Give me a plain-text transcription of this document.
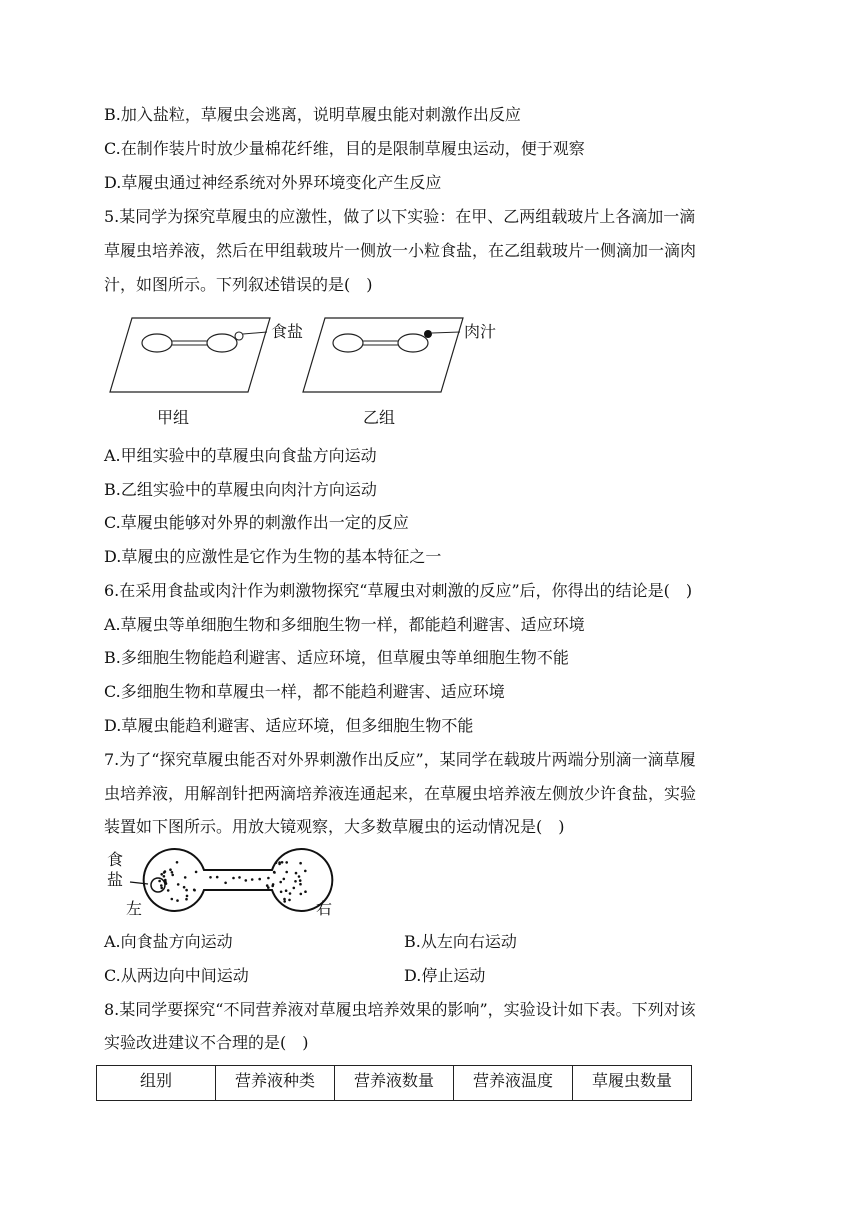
B.加入盐粒，草履虫会逃离，说明草履虫能对刺激作出反应
C.在制作装片时放少量棉花纤维，目的是限制草履虫运动，便于观察
D.草履虫通过神经系统对外界环境变化产生反应
5.某同学为探究草履虫的应激性，做了以下实验：在甲、乙两组载玻片上各滴加一滴
草履虫培养液，然后在甲组载玻片一侧放一小粒食盐，在乙组载玻片一侧滴加一滴肉
汁，如图所示。下列叙述错误的是(　)
食盐	肉汁
甲组	乙组
A.甲组实验中的草履虫向食盐方向运动
B.乙组实验中的草履虫向肉汁方向运动
C.草履虫能够对外界的刺激作出一定的反应
D.草履虫的应激性是它作为生物的基本特征之一
6.在采用食盐或肉汁作为刺激物探究“草履虫对刺激的反应”后，你得出的结论是(　)
A.草履虫等单细胞生物和多细胞生物一样，都能趋利避害、适应环境
B.多细胞生物能趋利避害、适应环境，但草履虫等单细胞生物不能
C.多细胞生物和草履虫一样，都不能趋利避害、适应环境
D.草履虫能趋利避害、适应环境，但多细胞生物不能
7.为了“探究草履虫能否对外界刺激作出反应”，某同学在载玻片两端分别滴一滴草履
虫培养液，用解剖针把两滴培养液连通起来，在草履虫培养液左侧放少许食盐，实验
装置如下图所示。用放大镜观察，大多数草履虫的运动情况是(　)
食
盐
左	右
A.向食盐方向运动	B.从左向右运动
C.从两边向中间运动	D.停止运动
8.某同学要探究“不同营养液对草履虫培养效果的影响”，实验设计如下表。下列对该
实验改进建议不合理的是(　)
组别	营养液种类	营养液数量	营养液温度	草履虫数量
